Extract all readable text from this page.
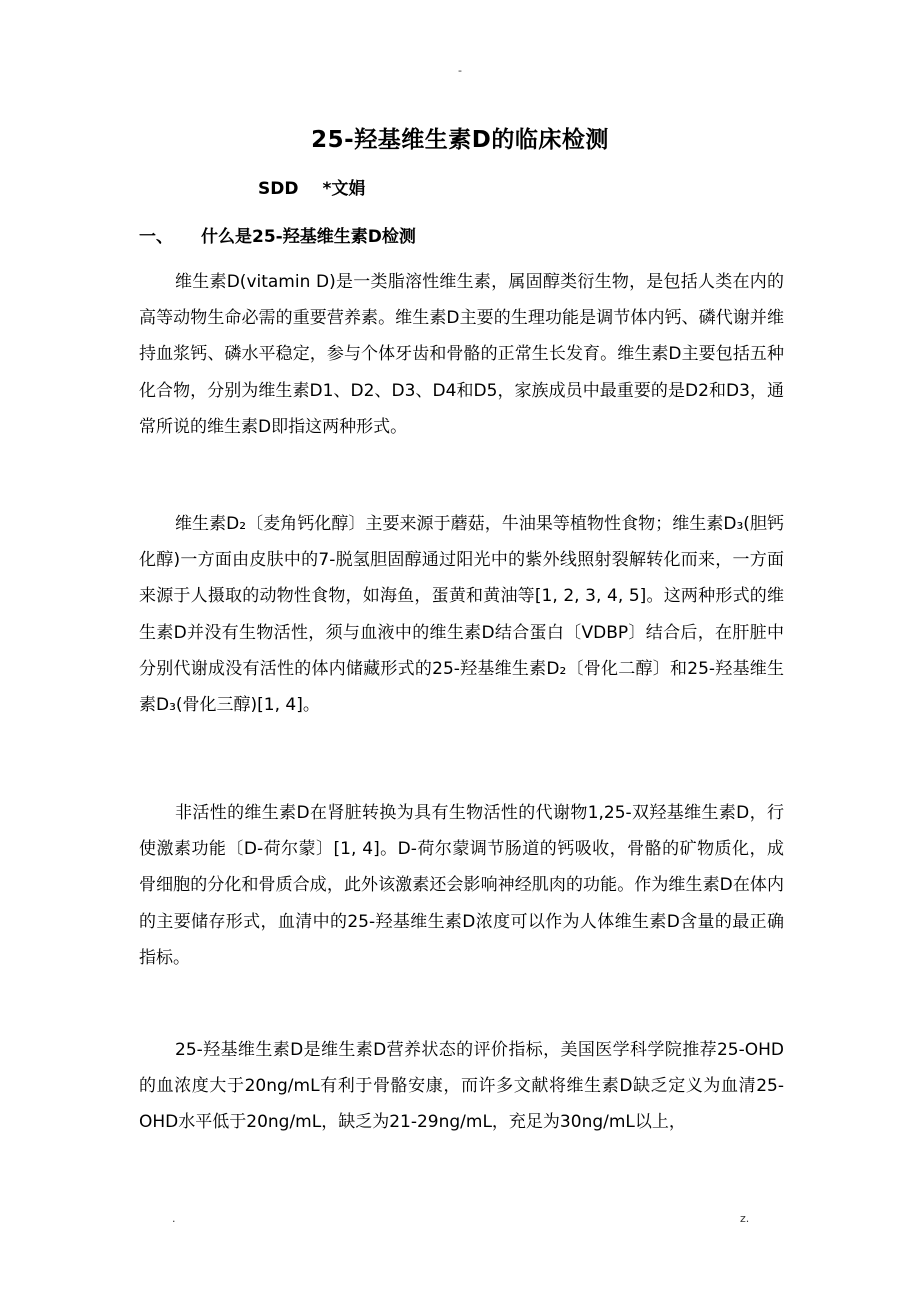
-
25-羟基维生素D的临床检测
SDD *文娟
一、 什么是25-羟基维生素D检测

维生素D(vitamin D)是一类脂溶性维生素，属固醇类衍生物，是包括人类在内的高等动物生命必需的重要营养素。维生素D主要的生理功能是调节体内钙、磷代谢并维持血浆钙、磷水平稳定，参与个体牙齿和骨骼的正常生长发育。维生素D主要包括五种化合物，分别为维生素D1、D2、D3、D4和D5，家族成员中最重要的是D2和D3，通常所说的维生素D即指这两种形式。

维生素D₂〔麦角钙化醇〕主要来源于蘑菇，牛油果等植物性食物；维生素D₃(胆钙化醇)一方面由皮肤中的7-脱氢胆固醇通过阳光中的紫外线照射裂解转化而来，一方面来源于人摄取的动物性食物，如海鱼，蛋黄和黄油等[1, 2, 3, 4, 5]。这两种形式的维生素D并没有生物活性，须与血液中的维生素D结合蛋白〔VDBP〕结合后，在肝脏中分别代谢成没有活性的体内储藏形式的25-羟基维生素D₂〔骨化二醇〕和25-羟基维生素D₃(骨化三醇)[1, 4]。

非活性的维生素D在肾脏转换为具有生物活性的代谢物1,25-双羟基维生素D，行使激素功能〔D-荷尔蒙〕[1, 4]。D-荷尔蒙调节肠道的钙吸收，骨骼的矿物质化，成骨细胞的分化和骨质合成，此外该激素还会影响神经肌肉的功能。作为维生素D在体内的主要储存形式，血清中的25-羟基维生素D浓度可以作为人体维生素D含量的最正确指标。

25-羟基维生素D是维生素D营养状态的评价指标，美国医学科学院推荐25-OHD的血浓度大于20ng/mL有利于骨骼安康，而许多文献将维生素D缺乏定义为血清25-OHD水平低于20ng/mL，缺乏为21-29ng/mL，充足为30ng/mL以上，

.	z.
